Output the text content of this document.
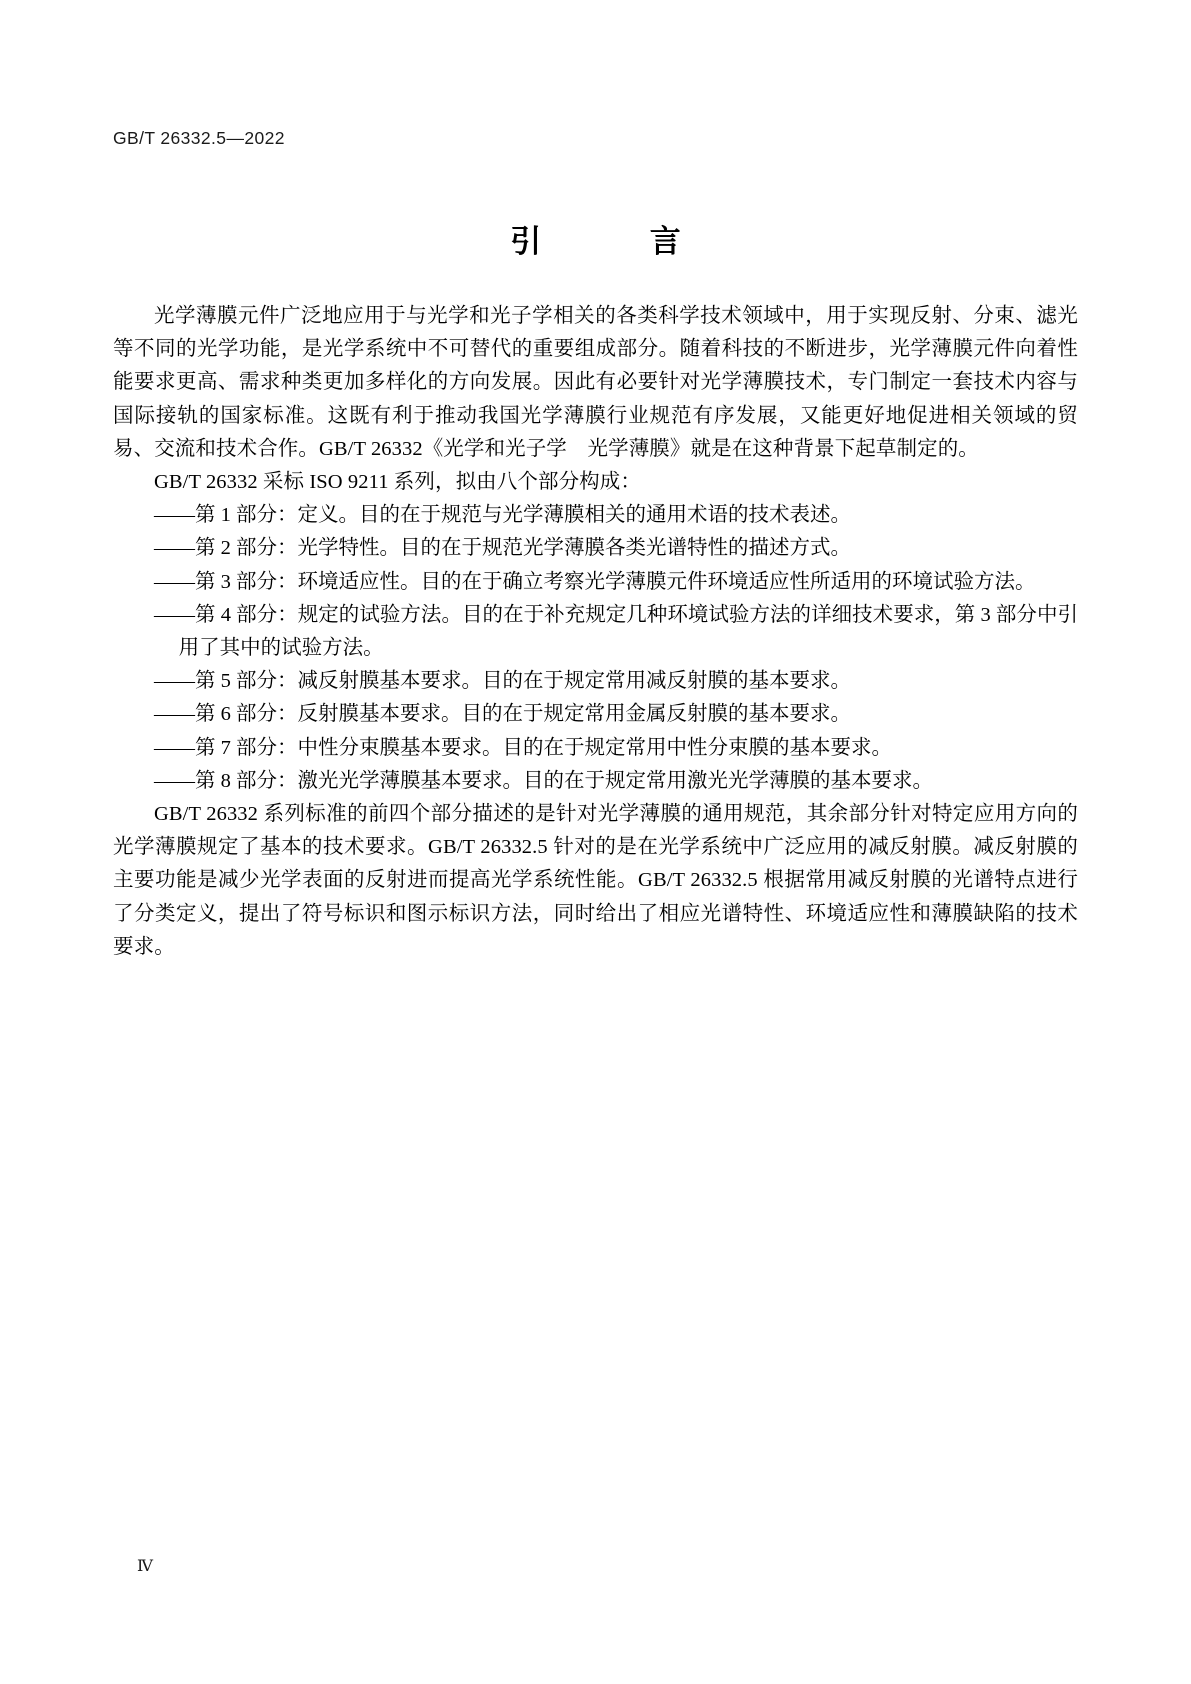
GB/T 26332.5—2022
引　　言

光学薄膜元件广泛地应用于与光学和光子学相关的各类科学技术领域中，用于实现反射、分束、滤光等不同的光学功能，是光学系统中不可替代的重要组成部分。随着科技的不断进步，光学薄膜元件向着性能要求更高、需求种类更加多样化的方向发展。因此有必要针对光学薄膜技术，专门制定一套技术内容与国际接轨的国家标准。这既有利于推动我国光学薄膜行业规范有序发展，又能更好地促进相关领域的贸易、交流和技术合作。GB/T 26332《光学和光子学　光学薄膜》就是在这种背景下起草制定的。

GB/T 26332 采标 ISO 9211 系列，拟由八个部分构成：

——第 1 部分：定义。目的在于规范与光学薄膜相关的通用术语的技术表述。
——第 2 部分：光学特性。目的在于规范光学薄膜各类光谱特性的描述方式。
——第 3 部分：环境适应性。目的在于确立考察光学薄膜元件环境适应性所适用的环境试验方法。
——第 4 部分：规定的试验方法。目的在于补充规定几种环境试验方法的详细技术要求，第 3 部分中引用了其中的试验方法。
——第 5 部分：减反射膜基本要求。目的在于规定常用减反射膜的基本要求。
——第 6 部分：反射膜基本要求。目的在于规定常用金属反射膜的基本要求。
——第 7 部分：中性分束膜基本要求。目的在于规定常用中性分束膜的基本要求。
——第 8 部分：激光光学薄膜基本要求。目的在于规定常用激光光学薄膜的基本要求。

GB/T 26332 系列标准的前四个部分描述的是针对光学薄膜的通用规范，其余部分针对特定应用方向的光学薄膜规定了基本的技术要求。GB/T 26332.5 针对的是在光学系统中广泛应用的减反射膜。减反射膜的主要功能是减少光学表面的反射进而提高光学系统性能。GB/T 26332.5 根据常用减反射膜的光谱特点进行了分类定义，提出了符号标识和图示标识方法，同时给出了相应光谱特性、环境适应性和薄膜缺陷的技术要求。

Ⅳ
